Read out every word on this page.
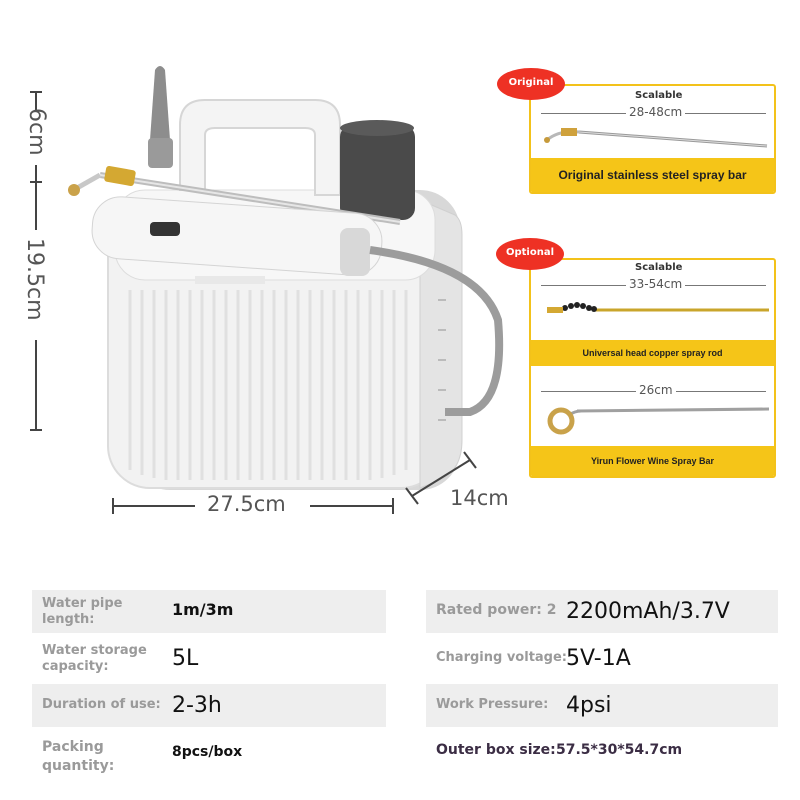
6cm
19.5cm
27.5cm	14cm
Scalable
28-48cm
Original stainless steel spray bar
Original
Scalable
33-54cm
Universal head copper spray rod
26cm
Yirun Flower Wine Spray Bar
Optional
Water pipe
length:
1m/3m
Water storage
capacity:	5L
Duration of use: 2-3h
Packing
quantity:
8pcs/box
Rated power: 2 2200mAh/3.7V
Charging voltage: 5V-1A
Work Pressure: 4psi
Outer box size: 57.5*30*54.7cm
